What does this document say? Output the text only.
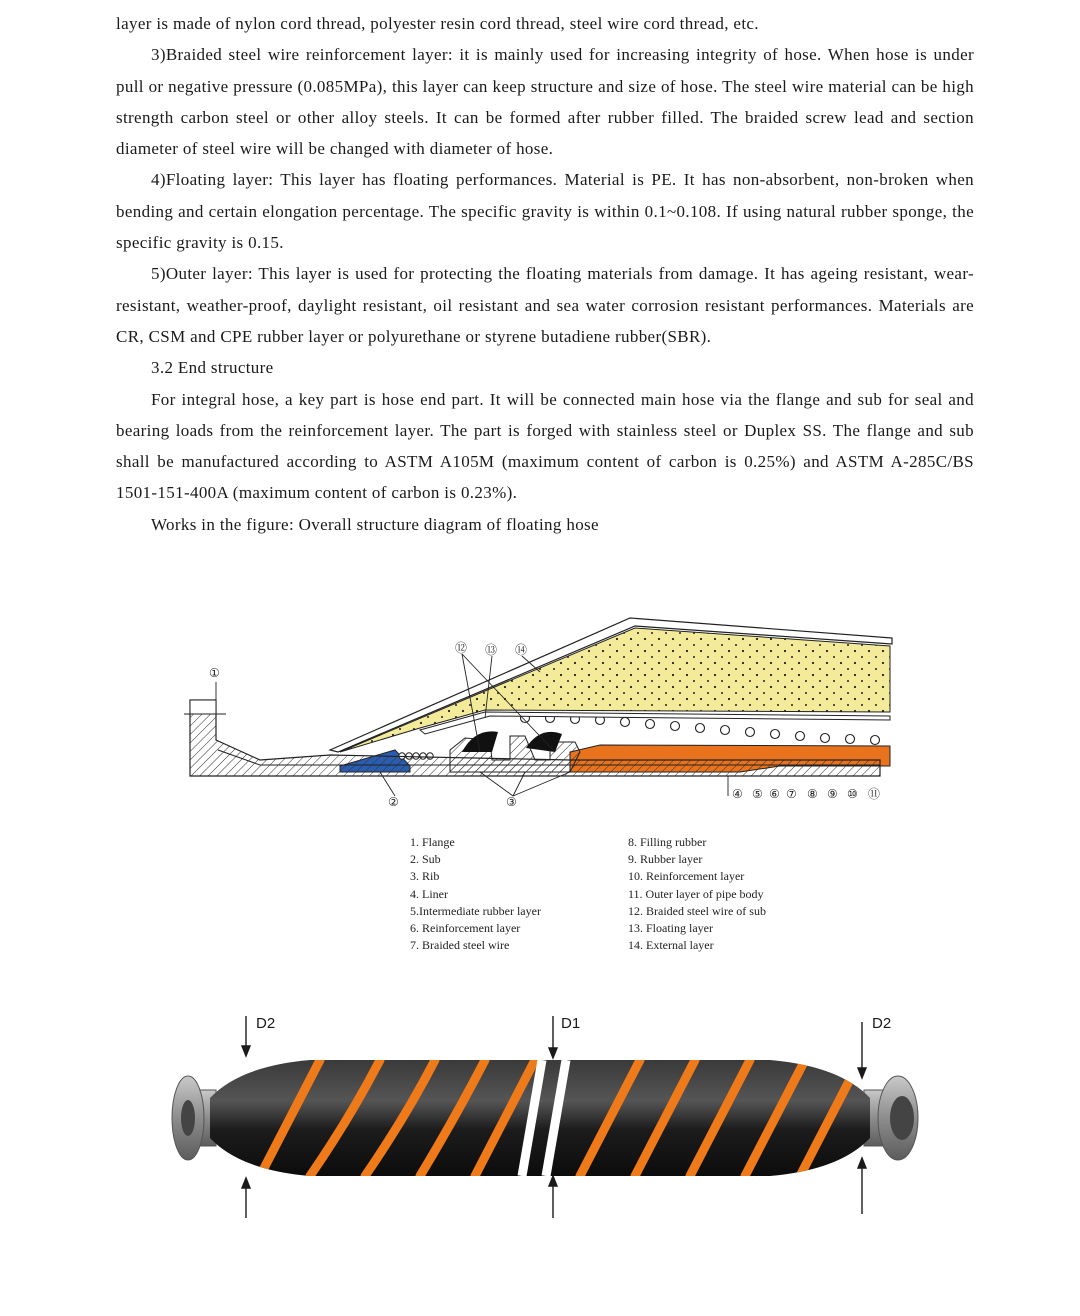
layer is made of nylon cord thread, polyester resin cord thread, steel wire cord thread, etc.

3)Braided steel wire reinforcement layer: it is mainly used for increasing integrity of hose. When hose is under pull or negative pressure (0.085MPa), this layer can keep structure and size of hose. The steel wire material can be high strength carbon steel or other alloy steels. It can be formed after rubber filled. The braided screw lead and section diameter of steel wire will be changed with diameter of hose.

4)Floating layer: This layer has floating performances. Material is PE. It has non-absorbent, non-broken when bending and certain elongation percentage. The specific gravity is within 0.1~0.108. If using natural rubber sponge, the specific gravity is 0.15.

5)Outer layer: This layer is used for protecting the floating materials from damage. It has ageing resistant, wear-resistant, weather-proof, daylight resistant, oil resistant and sea water corrosion resistant performances. Materials are CR, CSM and CPE rubber layer or polyurethane or styrene butadiene rubber(SBR).

3.2 End structure

For integral hose, a key part is hose end part. It will be connected main hose via the flange and sub for seal and bearing loads from the reinforcement layer. The part is forged with stainless steel or Duplex SS. The flange and sub shall be manufactured according to ASTM A105M (maximum content of carbon is 0.25%) and ASTM A-285C/BS 1501-151-400A (maximum content of carbon is 0.23%).

Works in the figure: Overall structure diagram of floating hose

①
②	③
④ ⑤ ⑥ ⑦ ⑧ ⑨ ⑩ ⑪
⑫ ⑬ ⑭
1. Flange
2. Sub
3. Rib
4. Liner
5.Intermediate rubber layer
6. Reinforcement layer
7. Braided steel wire
8. Filling rubber
9. Rubber layer
10. Reinforcement layer
11. Outer layer of pipe body
12. Braided steel wire of sub
13. Floating layer
14. External layer
D2	D1	D2
